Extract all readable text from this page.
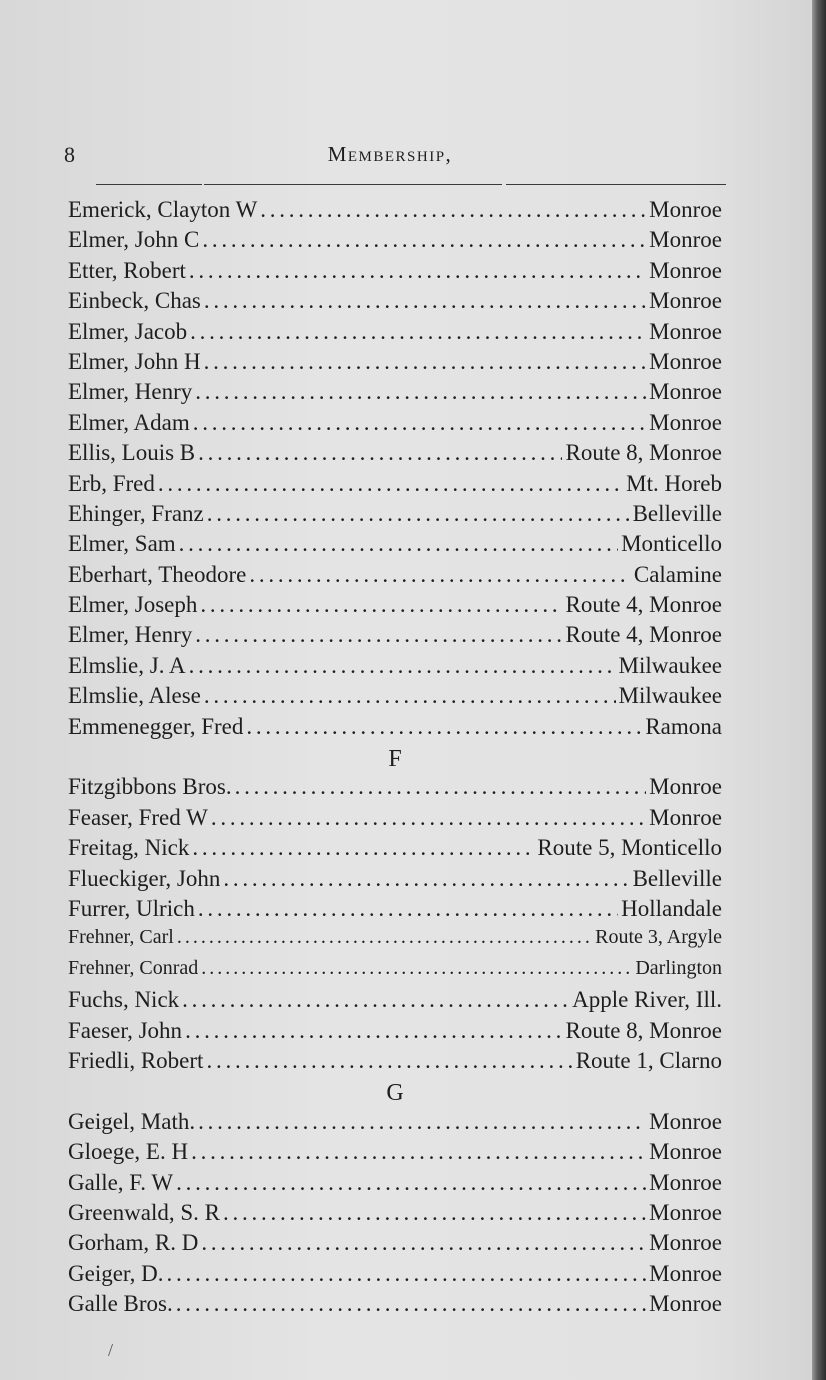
8	Membership,
Emerick, Clayton W . . .	Monroe
Elmer, John C . . .	Monroe
Etter, Robert . . .	Monroe
Einbeck, Chas . . .	Monroe
Elmer, Jacob . . .	Monroe
Elmer, John H . . .	Monroe
Elmer, Henry . . .	Monroe
Elmer, Adam . . .	Monroe
Ellis, Louis B . . .	Route 8, Monroe
Erb, Fred . . .	Mt. Horeb
Ehinger, Franz . . .	Belleville
Elmer, Sam . . .	Monticello
Eberhart, Theodore . . .	Calamine
Elmer, Joseph . . .	Route 4, Monroe
Elmer, Henry . . .	Route 4, Monroe
Elmslie, J. A . . .	Milwaukee
Elmslie, Alese . . .	Milwaukee
Emmenegger, Fred . . .	Ramona
F
Fitzgibbons Bros. . . .	Monroe
Feaser, Fred W . . .	Monroe
Freitag, Nick . . .	Route 5, Monticello
Flueckiger, John . . .	Belleville
Furrer, Ulrich . . .	Hollandale
Frehner, Carl . . .	Route 3, Argyle
Frehner, Conrad . . .	Darlington
Fuchs, Nick . . .	Apple River, Ill.
Faeser, John . . .	Route 8, Monroe
Friedli, Robert . . .	Route 1, Clarno
G
Geigel, Math. . . .	Monroe
Gloege, E. H . . .	Monroe
Galle, F. W . . .	Monroe
Greenwald, S. R . . .	Monroe
Gorham, R. D . . .	Monroe
Geiger, D. . . .	Monroe
Galle Bros. . . .	Monroe
/
